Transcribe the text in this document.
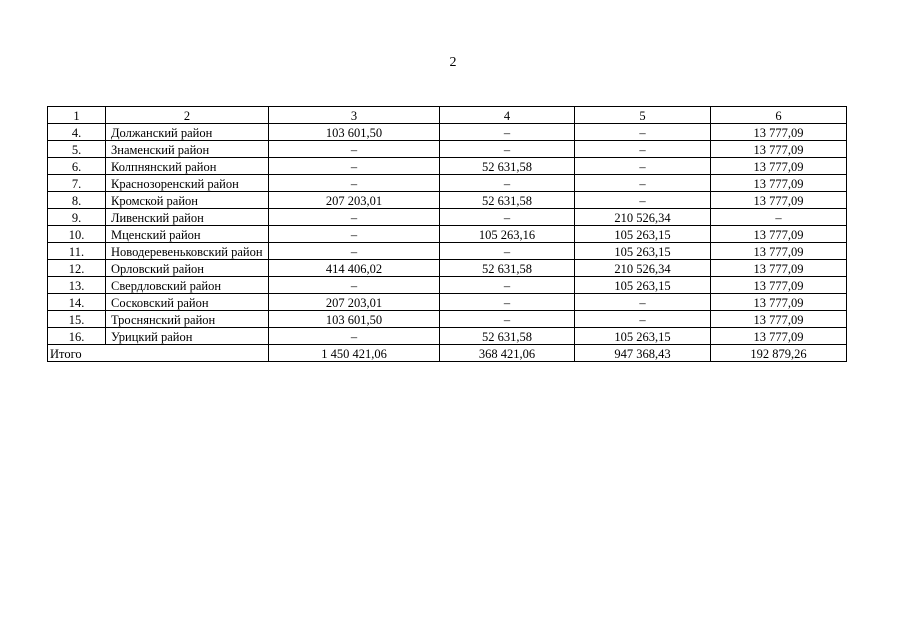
2
1	2	3	4	5	6
4.	Должанский район	103 601,50	–	–	13 777,09
5.	Знаменский район	–	–	–	13 777,09
6.	Колпнянский район	–	52 631,58	–	13 777,09
7.	Краснозоренский район	–	–	–	13 777,09
8.	Кромской район	207 203,01	52 631,58	–	13 777,09
9.	Ливенский район	–	–	210 526,34	–
10.	Мценский район	–	105 263,16	105 263,15	13 777,09
11.	Новодеревеньковский район	–	–	105 263,15	13 777,09
12.	Орловский район	414 406,02	52 631,58	210 526,34	13 777,09
13.	Свердловский район	–	–	105 263,15	13 777,09
14.	Сосковский район	207 203,01	–	–	13 777,09
15.	Троснянский район	103 601,50	–	–	13 777,09
16.	Урицкий район	–	52 631,58	105 263,15	13 777,09
Итого		1 450 421,06	368 421,06	947 368,43	192 879,26
